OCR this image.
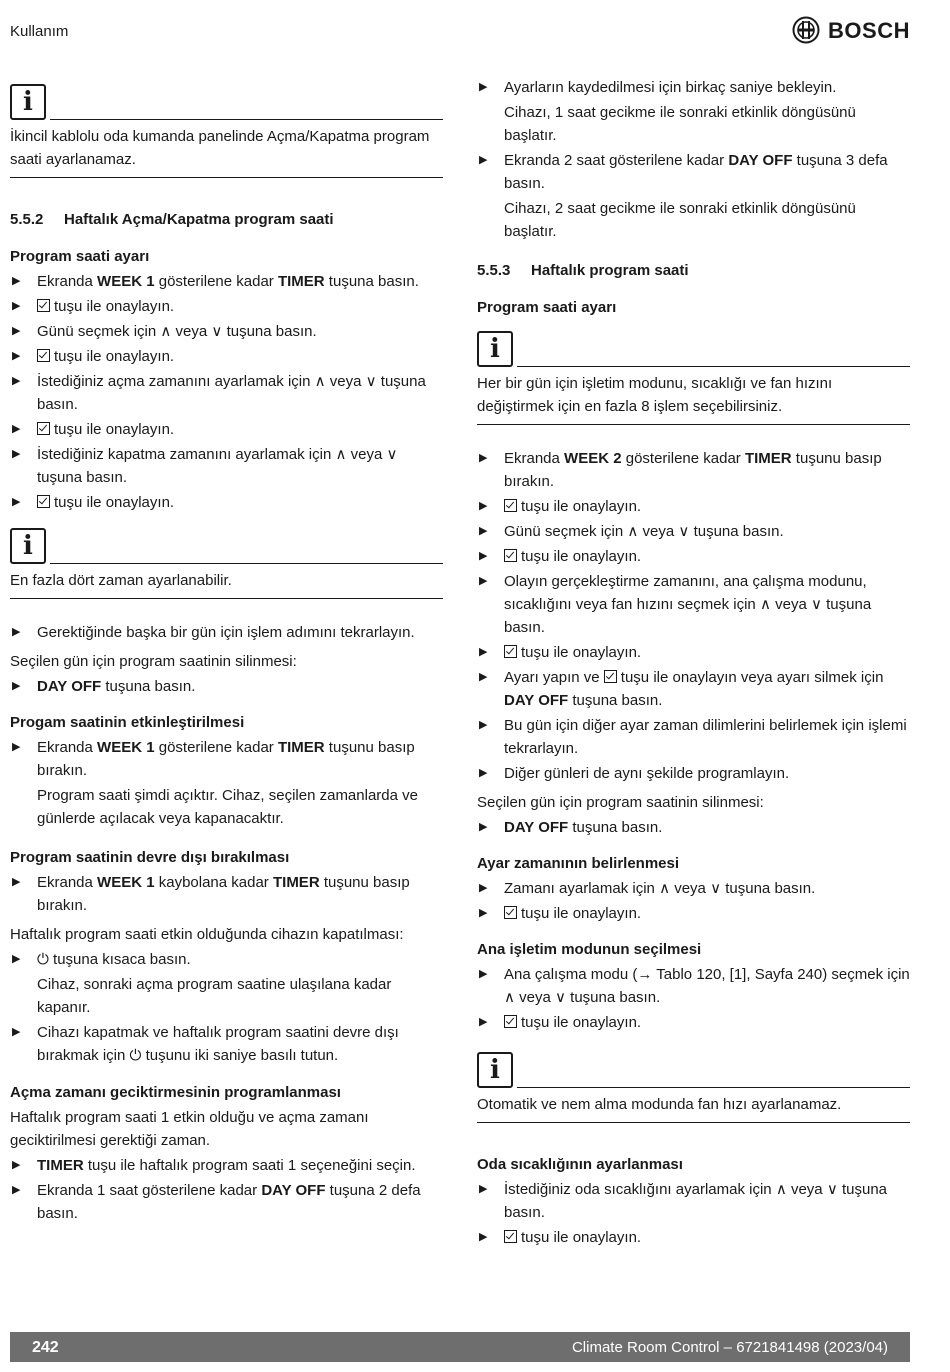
Kullanım	BOSCH
i
İkincil kablolu oda kumanda panelinde Açma/Kapatma program saati ayarlanamaz.
5.5.2 Haftalık Açma/Kapatma program saati
Program saati ayarı
▶ Ekranda WEEK 1 gösterilene kadar TIMER tuşuna basın.
▶ tuşu ile onaylayın.
▶ Günü seçmek için ∧ veya ∨ tuşuna basın.
▶ tuşu ile onaylayın.
▶ İstediğiniz açma zamanını ayarlamak için ∧ veya ∨ tuşuna basın.
▶ tuşu ile onaylayın.
▶ İstediğiniz kapatma zamanını ayarlamak için ∧ veya ∨ tuşuna basın.
▶ tuşu ile onaylayın.
i
En fazla dört zaman ayarlanabilir.
▶ Gerektiğinde başka bir gün için işlem adımını tekrarlayın.

Seçilen gün için program saatinin silinmesi:

▶ DAY OFF tuşuna basın.
Progam saatinin etkinleştirilmesi
▶ Ekranda WEEK 1 gösterilene kadar TIMER tuşunu basıp bırakın.

Program saati şimdi açıktır. Cihaz, seçilen zamanlarda ve günlerde açılacak veya kapanacaktır.

Program saatinin devre dışı bırakılması
▶ Ekranda WEEK 1 kaybolana kadar TIMER tuşunu basıp bırakın.

Haftalık program saati etkin olduğunda cihazın kapatılması:

▶ ⏻ tuşuna kısaca basın.

Cihaz, sonraki açma program saatine ulaşılana kadar kapanır.

▶ Cihazı kapatmak ve haftalık program saatini devre dışı bırakmak için ⏻ tuşunu iki saniye basılı tutun.
Açma zamanı geciktirmesinin programlanması

Haftalık program saati 1 etkin olduğu ve açma zamanı geciktirilmesi gerektiği zaman.

▶ TIMER tuşu ile haftalık program saati 1 seçeneğini seçin.
▶ Ekranda 1 saat gösterilene kadar DAY OFF tuşuna 2 defa basın.
▶ Ayarların kaydedilmesi için birkaç saniye bekleyin.

Cihazı, 1 saat gecikme ile sonraki etkinlik döngüsünü başlatır.

▶ Ekranda 2 saat gösterilene kadar DAY OFF tuşuna 3 defa basın.

Cihazı, 2 saat gecikme ile sonraki etkinlik döngüsünü başlatır.

5.5.3 Haftalık program saati
Program saati ayarı
i
Her bir gün için işletim modunu, sıcaklığı ve fan hızını değiştirmek için en fazla 8 işlem seçebilirsiniz.
▶ Ekranda WEEK 2 gösterilene kadar TIMER tuşunu basıp bırakın.
▶ tuşu ile onaylayın.
▶ Günü seçmek için ∧ veya ∨ tuşuna basın.
▶ tuşu ile onaylayın.
▶ Olayın gerçekleştirme zamanını, ana çalışma modunu, sıcaklığını veya fan hızını seçmek için ∧ veya ∨ tuşuna basın.
▶ tuşu ile onaylayın.
▶ Ayarı yapın ve tuşu ile onaylayın veya ayarı silmek için DAY OFF tuşuna basın.
▶ Bu gün için diğer ayar zaman dilimlerini belirlemek için işlemi tekrarlayın.
▶ Diğer günleri de aynı şekilde programlayın.

Seçilen gün için program saatinin silinmesi:

▶ DAY OFF tuşuna basın.
Ayar zamanının belirlenmesi
▶ Zamanı ayarlamak için ∧ veya ∨ tuşuna basın.
▶ tuşu ile onaylayın.
Ana işletim modunun seçilmesi
▶ Ana çalışma modu (→ Tablo 120, [1], Sayfa 240) seçmek için ∧ veya ∨ tuşuna basın.
▶ tuşu ile onaylayın.
i
Otomatik ve nem alma modunda fan hızı ayarlanamaz.
Oda sıcaklığının ayarlanması
▶ İstediğiniz oda sıcaklığını ayarlamak için ∧ veya ∨ tuşuna basın.
▶ tuşu ile onaylayın.
242	Climate Room Control – 6721841498 (2023/04)
